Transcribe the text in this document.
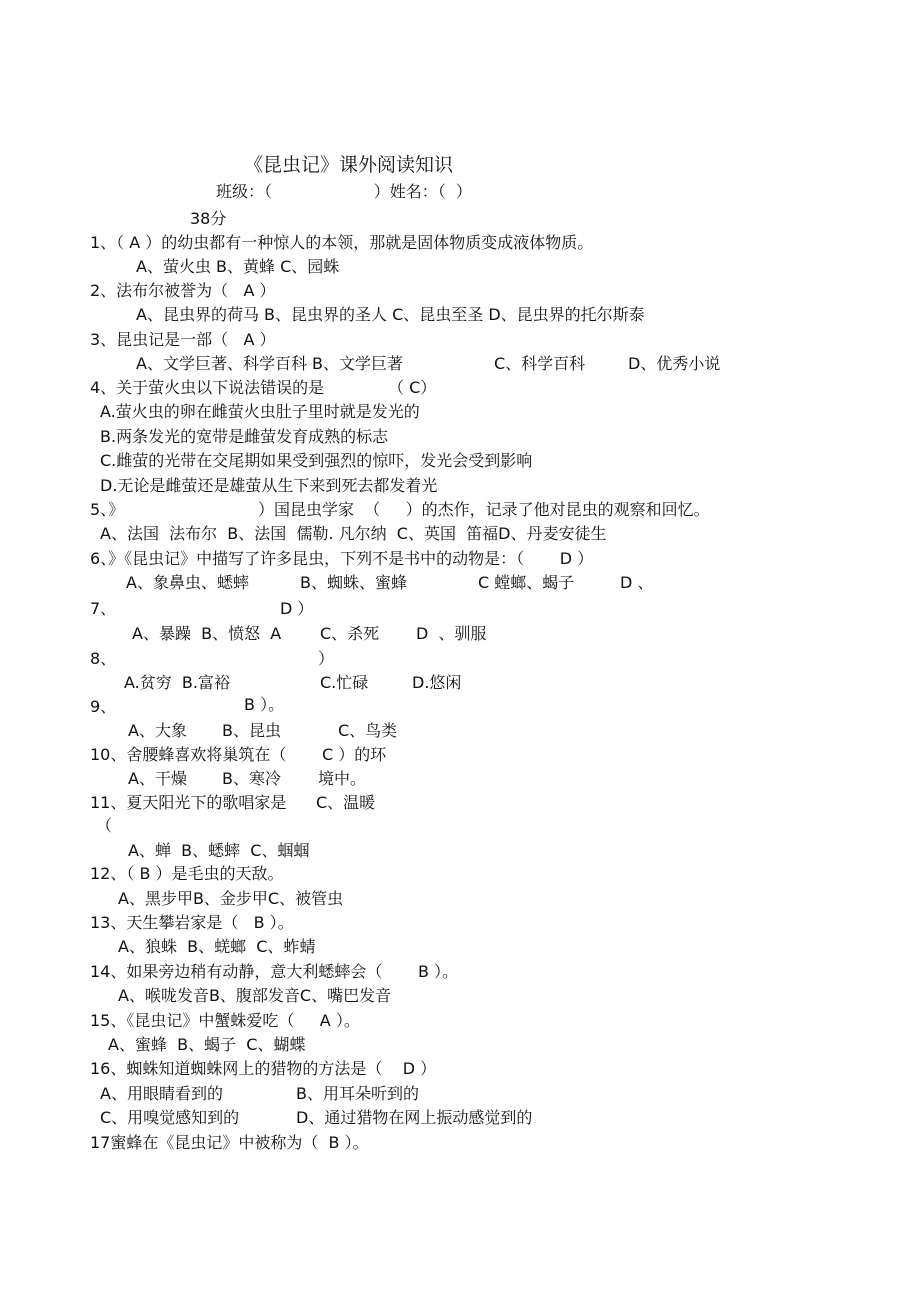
《昆虫记》课外阅读知识
班级：（                    ）姓名：（  ）
38分
1、（ A ）的幼虫都有一种惊人的本领，那就是固体物质变成液体物质。
A、萤火虫 B、黄蜂 C、园蛛
2、法布尔被誉为（   A ）
A、昆虫界的荷马 B、昆虫界的圣人 C、昆虫至圣 D、昆虫界的托尔斯泰
3、昆虫记是一部（   A ）
A、文学巨著、科学百科 B、文学巨著	C、科学百科	D、优秀小说
4、关于萤火虫以下说法错误的是	（ C）
A.萤火虫的卵在雌萤火虫肚子里时就是发光的
B.两条发光的宽带是雌萤发育成熟的标志
C.雌萤的光带在交尾期如果受到强烈的惊吓，发光会受到影响
D.无论是雌萤还是雄萤从生下来到死去都发着光
5、》	）国昆虫学家  （     ）的杰作，记录了他对昆虫的观察和回忆。
A、法国  法布尔  B、法国  儒勒. 凡尔纳  C、英国  笛福D、丹麦安徒生
6、》《昆虫记》中描写了许多昆虫，下列不是书中的动物是：（       D ）
A、象鼻虫、蟋蟀	B、蜘蛛、蜜蜂	C 螳螂、蝎子	D 、
7、	D ）
A、暴躁  B、愤怒  A C、杀死 D  、驯服
8、	）
A.贫穷  B.富裕	C.忙碌	D.悠闲
9、	B ）。
A、大象 B、昆虫	C、鸟类
10、舍腰蜂喜欢将巢筑在（       C ）的环
A、干燥 B、寒冷 境中。
11、夏天阳光下的歌唱家是 C、温暖
（
A、蝉  B、蟋蟀  C、蝈蝈
12、（ B ）是毛虫的天敌。
A、黑步甲B、金步甲C、被管虫
13、天生攀岩家是（   B ）。
A、狼蛛  B、蜣螂  C、蚱蜻
14、如果旁边稍有动静，意大利蟋蟀会（       B ）。
A、喉咙发音B、腹部发音C、嘴巴发音
15、《昆虫记》中蟹蛛爱吃（     A ）。
A、蜜蜂  B、蝎子  C、蝴蝶
16、蜘蛛知道蜘蛛网上的猎物的方法是（    D ）
A、用眼睛看到的	B、用耳朵听到的
C、用嗅觉感知到的	D、通过猎物在网上振动感觉到的
17蜜蜂在《昆虫记》中被称为（  B ）。
